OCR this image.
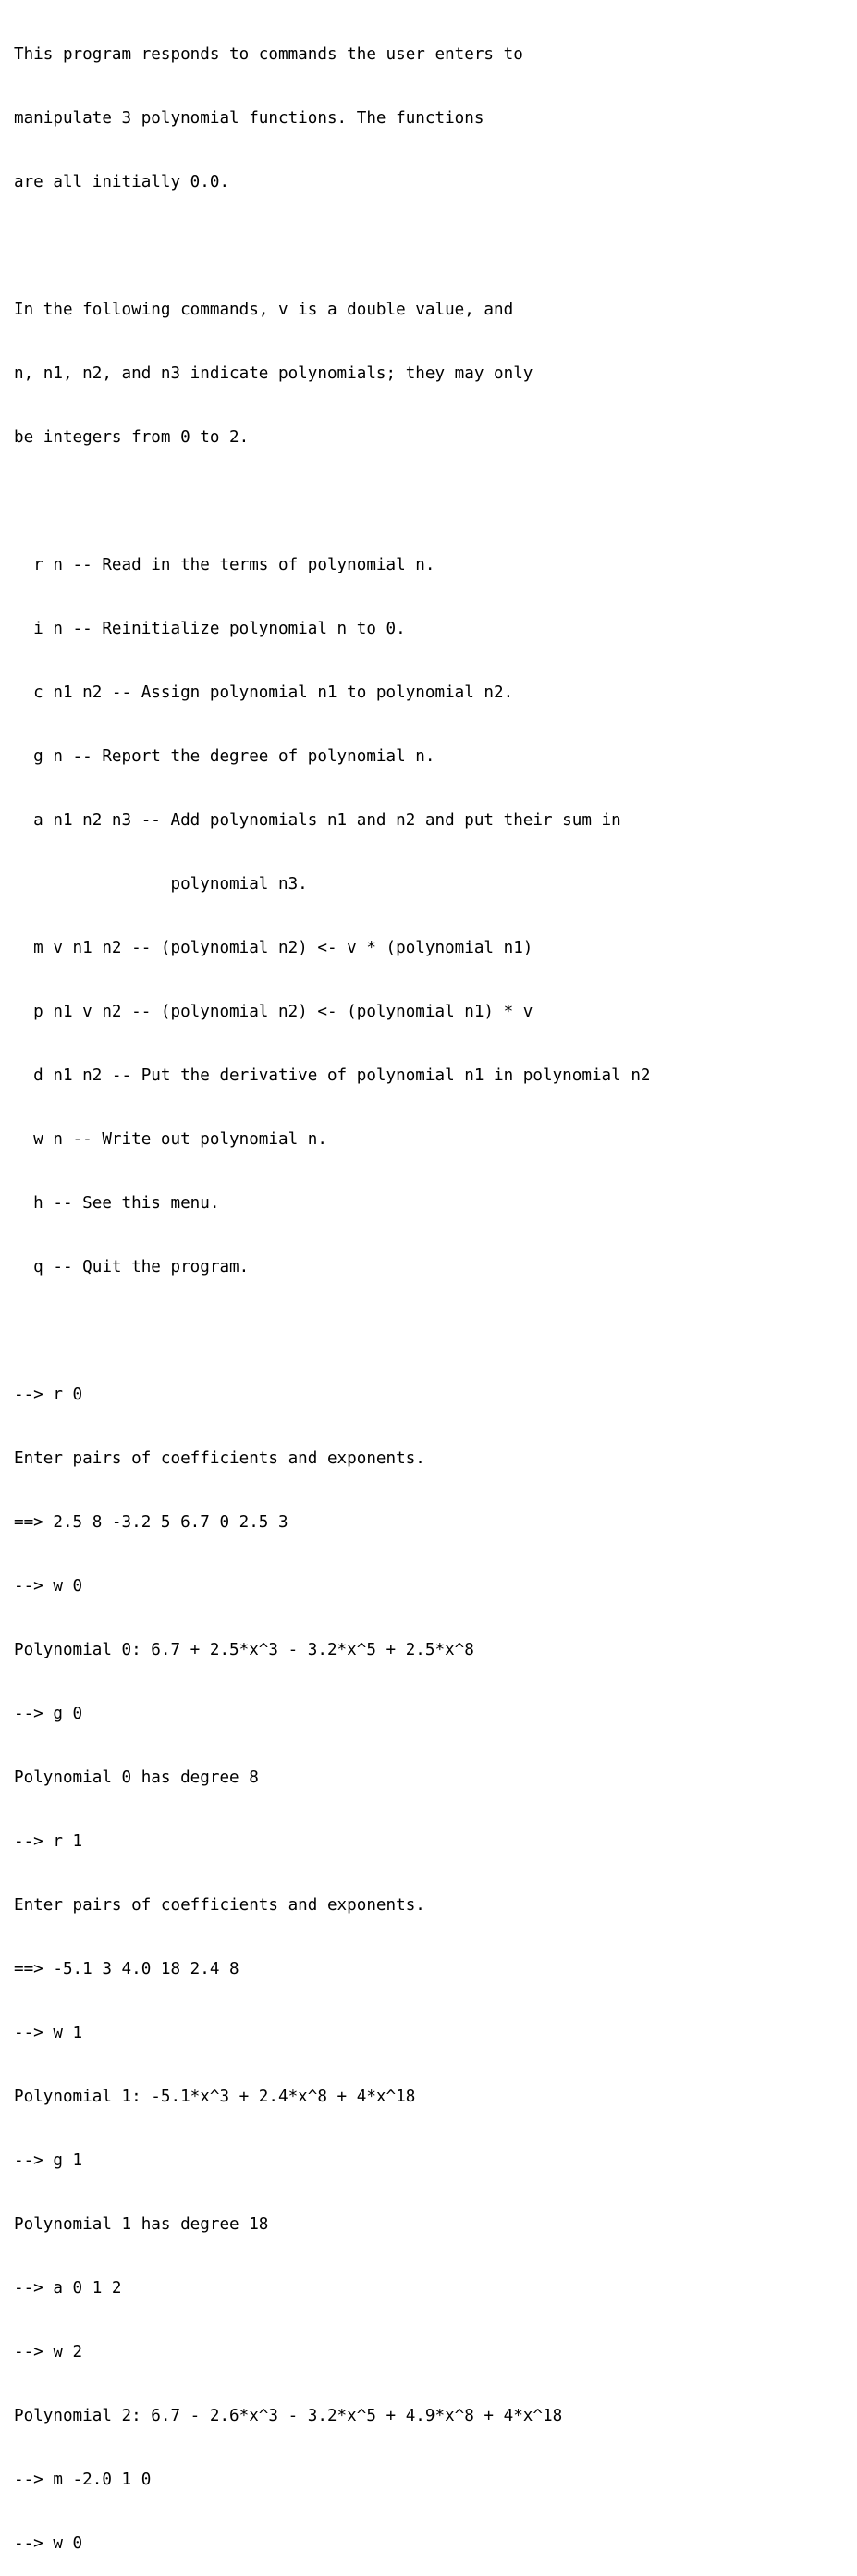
This program responds to commands the user enters to

manipulate 3 polynomial functions. The functions

are all initially 0.0.

In the following commands, v is a double value, and

n, n1, n2, and n3 indicate polynomials; they may only

be integers from 0 to 2.

r n -- Read in the terms of polynomial n.

i n -- Reinitialize polynomial n to 0.

c n1 n2 -- Assign polynomial n1 to polynomial n2.

g n -- Report the degree of polynomial n.

a n1 n2 n3 -- Add polynomials n1 and n2 and put their sum in

polynomial n3.

m v n1 n2 -- (polynomial n2) <- v * (polynomial n1)

p n1 v n2 -- (polynomial n2) <- (polynomial n1) * v

d n1 n2 -- Put the derivative of polynomial n1 in polynomial n2

w n -- Write out polynomial n.

h -- See this menu.

q -- Quit the program.

--> r 0

Enter pairs of coefficients and exponents.

==> 2.5 8 -3.2 5 6.7 0 2.5 3

--> w 0

Polynomial 0: 6.7 + 2.5*x^3 - 3.2*x^5 + 2.5*x^8

--> g 0

Polynomial 0 has degree 8

--> r 1

Enter pairs of coefficients and exponents.

==> -5.1 3 4.0 18 2.4 8

--> w 1

Polynomial 1: -5.1*x^3 + 2.4*x^8 + 4*x^18

--> g 1

Polynomial 1 has degree 18

--> a 0 1 2

--> w 2

Polynomial 2: 6.7 - 2.6*x^3 - 3.2*x^5 + 4.9*x^8 + 4*x^18

--> m -2.0 1 0

--> w 0
